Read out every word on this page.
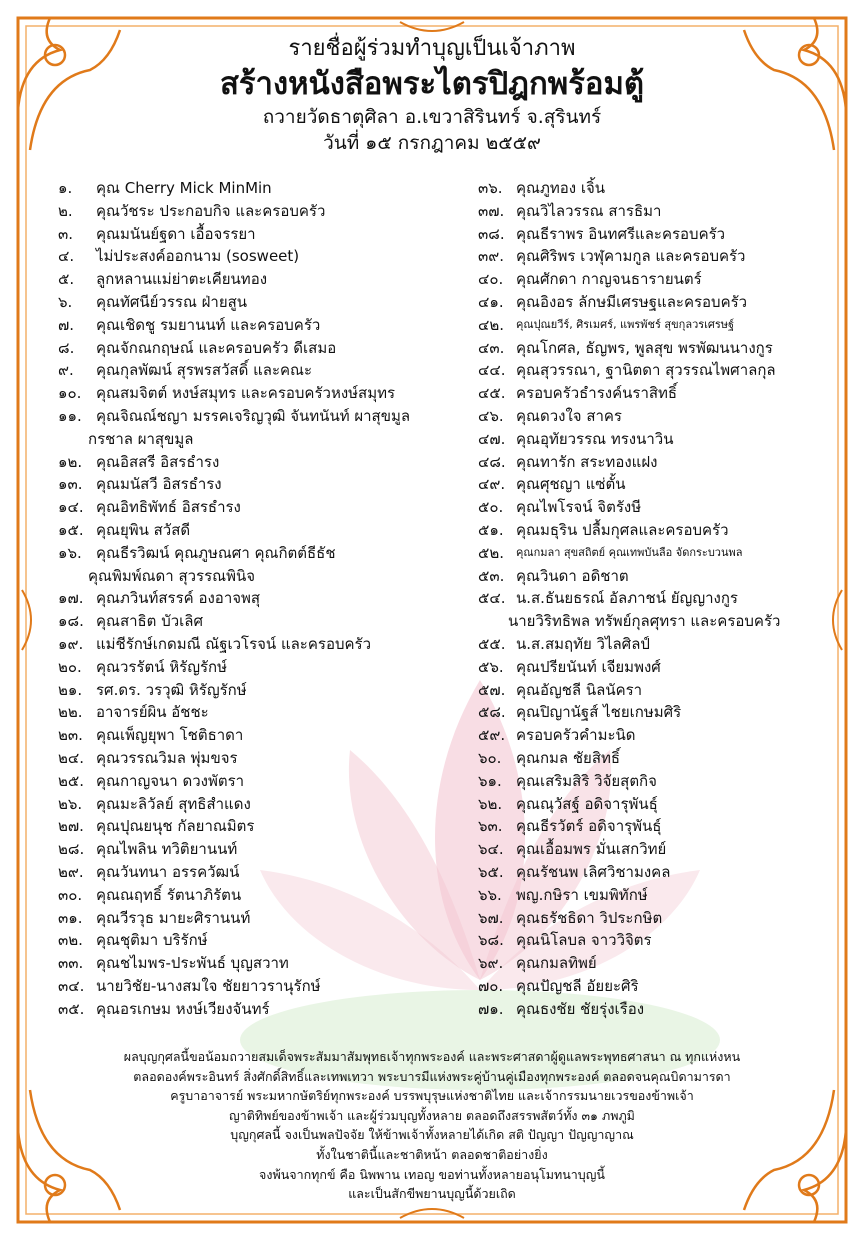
รายชื่อผู้ร่วมทำบุญเป็นเจ้าภาพ
สร้างหนังสือพระไตรปิฎกพร้อมตู้
ถวายวัดธาตุศิลา อ.เขวาสิรินทร์ จ.สุรินทร์
วันที่ ๑๕ กรกฎาคม ๒๕๕๙
๑.	คุณ Cherry Mick MinMin
๒.	คุณวัชระ ประกอบกิจ และครอบครัว
๓.	คุณมนันย์ฐดา เอื้อจรรยา
๔.	ไม่ประสงค์ออกนาม (sosweet)
๕.	ลูกหลานแม่ย่าตะเคียนทอง
๖.	คุณทัศนีย์วรรณ ฝ่ายสูน
๗.	คุณเชิดชู รมยานนท์ และครอบครัว
๘.	คุณจักณกฤษณ์ และครอบครัว ดีเสมอ
๙.	คุณกุลพัฒน์ สุรพรสวัสดิ์ และคณะ
๑๐. คุณสมจิตต์ หงษ์สมุทร และครอบครัวหงษ์สมุทร
๑๑. คุณจิณณ์ชญา มรรคเจริญวุฒิ จันทนันท์ ผาสุขมูล
กรชาล ผาสุขมูล
๑๒. คุณอิสสรี อิสรธำรง
๑๓. คุณมนัสวี อิสรธำรง
๑๔. คุณอิทธิพัทธ์ อิสรธำรง
๑๕. คุณยุพิน สวัสดี
๑๖. คุณธีรวิฒน์ คุณภูษณศา คุณกิตต์ธีธัช
คุณพิมพ์ณดา สุวรรณพินิจ
๑๗. คุณภวินท์สรรค์ องอาจพสุ
๑๘. คุณสาธิต บัวเลิศ
๑๙. แม่ชีรักษ์เกดมณี ณัฐเวโรจน์ และครอบครัว
๒๐. คุณวรรัตน์ หิรัญรักษ์
๒๑. รศ.ดร. วรวุฒิ หิรัญรักษ์
๒๒. อาจารย์ผิน อัชชะ
๒๓. คุณเพ็ญยุพา โชติธาดา
๒๔. คุณวรรณวิมล พุ่มขจร
๒๕. คุณกาญจนา ดวงพัตรา
๒๖. คุณมะลิวัลย์ สุทธิสำแดง
๒๗. คุณปุณยนุช กัลยาณมิตร
๒๘. คุณไพลิน ทวิติยานนท์
๒๙. คุณวันทนา อรรควัฒน์
๓๐. คุณณฤทธิ์ รัตนาภิรัตน
๓๑. คุณวีรวุธ มายะศิรานนท์
๓๒. คุณชุติมา บริรักษ์
๓๓. คุณชไมพร-ประพันธ์ บุญสวาท
๓๔. นายวิชัย-นางสมใจ ชัยยาวรานุรักษ์
๓๕. คุณอรเกษม หงษ์เวียงจันทร์
๓๖. คุณภูทอง เจิ้น
๓๗. คุณวิไลวรรณ สารธิมา
๓๘. คุณธีราพร อินทศรีและครอบครัว
๓๙. คุณศิริพร เวฬุคามกูล และครอบครัว
๔๐. คุณศักดา กาญจนธารายนตร์
๔๑. คุณอิงอร ลักษมีเศรษฐและครอบครัว
๔๒.	คุณปุณยวีร์, ศิรเมศร์, แพรพัชร์ สุขกุลวรเศรษฐ์
๔๓. คุณโกศล, ธัญพร, พูลสุข พรพัฒนนางกูร
๔๔. คุณสุวรรณา, ฐานิตดา สุวรรณไพศาลกุล
๔๕. ครอบครัวธำรงค์นราสิทธิ์
๔๖. คุณดวงใจ สาคร
๔๗. คุณอุทัยวรรณ ทรงนาวิน
๔๘. คุณทารัก สระทองแฝง
๔๙. คุณศุชญา แซ่ตั้น
๕๐. คุณไพโรจน์ จิตรังษี
๕๑. คุณมธุริน ปลื้มกุศลและครอบครัว
๕๒.	คุณกมลา สุขสถิตย์ คุณเทพบันลือ จัดกระบวนพล
๕๓. คุณวินดา อดิชาต
๕๔. น.ส.ธันยธรณ์ อัลภาชน์ ยัญญางกูร
นายวิริทธิพล ทรัพย์กุลศุทรา และครอบครัว
๕๕. น.ส.สมฤทัย วิไลศิลป์
๕๖. คุณปรียนันท์ เจียมพงศ์
๕๗. คุณอัญชลี นิลนัครา
๕๘. คุณปิญานัฐส์ ไชยเกษมศิริ
๕๙. ครอบครัวคำมะนิด
๖๐. คุณกมล ชัยสิทธิ์
๖๑. คุณเสริมสิริ วิจัยสุตกิจ
๖๒. คุณณุวัสฐ์ อดิจารุพันธุ์
๖๓. คุณธีรวัตร์ อดิจารุพันธุ์
๖๔. คุณเอื้อมพร มั่นเสกวิทย์
๖๕. คุณรัชนพ เลิศวิชามงคล
๖๖. พญ.กษิรา เขมพิทักษ์
๖๗. คุณธรัชธิดา วิประกษิต
๖๘. คุณนิโลบล จาววิจิตร
๖๙. คุณกมลทิพย์
๗๐. คุณปัญชลี อัยยะศิริ
๗๑. คุณธงชัย ชัยรุ่งเรือง
ผลบุญกุศลนี้ขอน้อมถวายสมเด็จพระสัมมาสัมพุทธเจ้าทุกพระองค์ และพระศาสดาผู้ดูแลพระพุทธศาสนา ณ ทุกแห่งหน
ตลอดองค์พระอินทร์ สิ่งศักดิ์สิทธิ์และเทพเทวา พระบารมีแห่งพระคู่บ้านคู่เมืองทุกพระองค์ ตลอดจนคุณบิดามารดา
ครูบาอาจารย์ พระมหากษัตริย์ทุกพระองค์ บรรพบุรุษแห่งชาติไทย และเจ้ากรรมนายเวรของข้าพเจ้า
ญาติทิพย์ของข้าพเจ้า และผู้ร่วมบุญทั้งหลาย ตลอดถึงสรรพสัตว์ทั้ง ๓๑ ภพภูมิ
บุญกุศลนี้ จงเป็นพลปัจจัย ให้ข้าพเจ้าทั้งหลายได้เกิด สติ ปัญญา ปัญญาญาณ
ทั้งในชาตินี้และชาติหน้า ตลอดชาติอย่างยิ่ง
จงพ้นจากทุกข์ คือ นิพพาน เทอญ ขอท่านทั้งหลายอนุโมทนาบุญนี้
และเป็นสักขีพยานบุญนี้ด้วยเถิด
